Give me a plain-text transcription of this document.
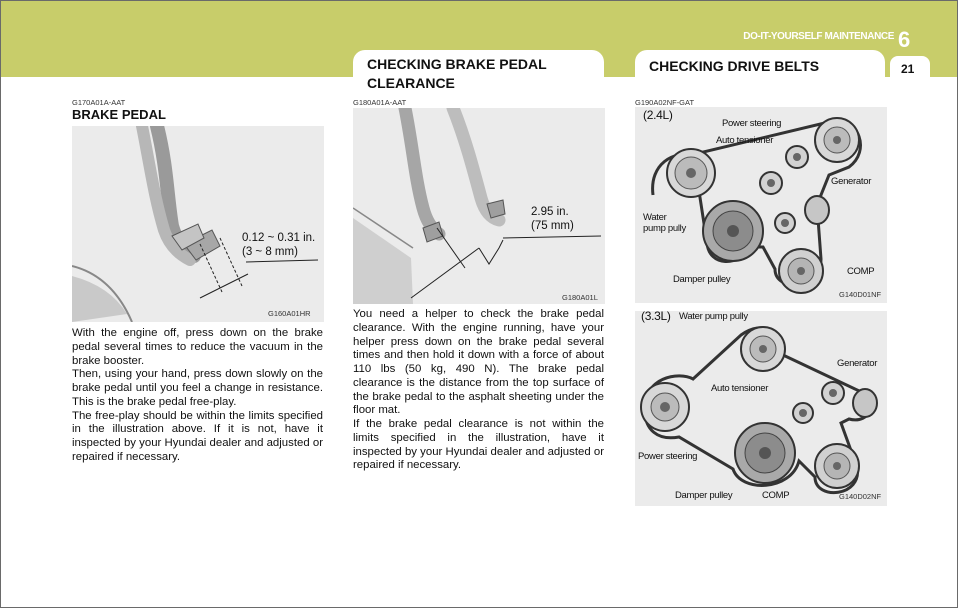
DO-IT-YOURSELF MAINTENANCE 6
21
CHECKING BRAKE PEDAL
CLEARANCE
CHECKING DRIVE BELTS
G170A01A-AAT
BRAKE PEDAL
0.12 ~ 0.31 in.
(3 ~ 8 mm)
G160A01HR

With the engine off, press down on the brake pedal several times to reduce the vacuum in the brake booster.

Then, using your hand, press down slowly on the brake pedal until you feel a change in resistance. This is the brake pedal free-play.

The free-play should be within the limits specified in the illustration above. If it is not, have it inspected by your Hyundai dealer and adjusted or repaired if necessary.

G180A01A-AAT
2.95 in.
(75 mm)
G180A01L

You need a helper to check the brake pedal clearance. With the engine running, have your helper press down on the brake pedal several times and then hold it down with a force of about 110 lbs (50 kg, 490 N). The brake pedal clearance is the distance from the top surface of the brake pedal to the asphalt sheeting under the floor mat.

If the brake pedal clearance is not within the limits specified in the illustration, have it inspected by your Hyundai dealer and adjusted or repaired if necessary.

G190A02NF-GAT
(2.4L)
Power steering
Auto tensioner
Generator
Water
pump pully
Damper pulley
COMP
G140D01NF
(3.3L) Water pump pully
Generator
Auto tensioner
Power steering
Damper pulley	COMP	G140D02NF
